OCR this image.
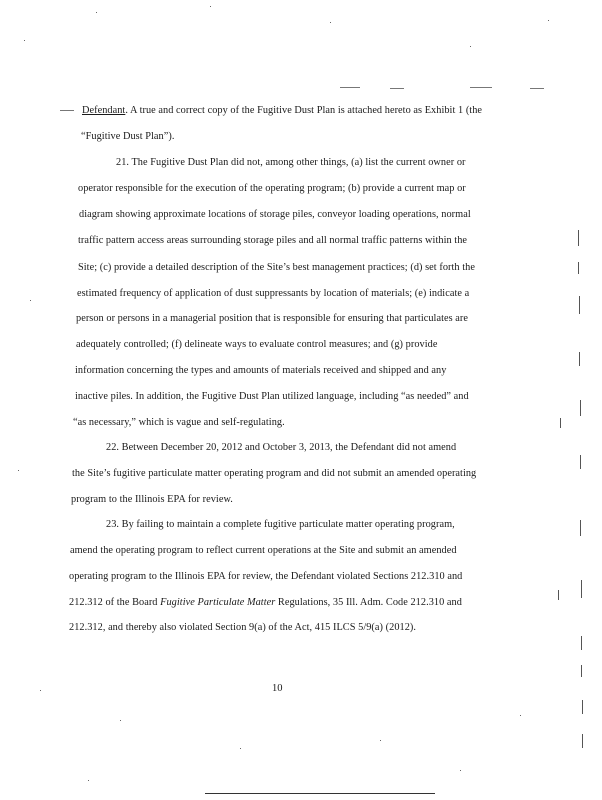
Defendant. A true and correct copy of the Fugitive Dust Plan is attached hereto as Exhibit 1 (the
“Fugitive Dust Plan”).
21. The Fugitive Dust Plan did not, among other things, (a) list the current owner or
operator responsible for the execution of the operating program; (b) provide a current map or
diagram showing approximate locations of storage piles, conveyor loading operations, normal
traffic pattern access areas surrounding storage piles and all normal traffic patterns within the
Site; (c) provide a detailed description of the Site’s best management practices; (d) set forth the
estimated frequency of application of dust suppressants by location of materials; (e) indicate a
person or persons in a managerial position that is responsible for ensuring that particulates are
adequately controlled; (f) delineate ways to evaluate control measures; and (g) provide
information concerning the types and amounts of materials received and shipped and any
inactive piles. In addition, the Fugitive Dust Plan utilized language, including “as needed” and
“as necessary,” which is vague and self-regulating.
22. Between December 20, 2012 and October 3, 2013, the Defendant did not amend
the Site’s fugitive particulate matter operating program and did not submit an amended operating
program to the Illinois EPA for review.
23. By failing to maintain a complete fugitive particulate matter operating program,
amend the operating program to reflect current operations at the Site and submit an amended
operating program to the Illinois EPA for review, the Defendant violated Sections 212.310 and
212.312 of the Board Fugitive Particulate Matter Regulations, 35 Ill. Adm. Code 212.310 and
212.312, and thereby also violated Section 9(a) of the Act, 415 ILCS 5/9(a) (2012).
10
